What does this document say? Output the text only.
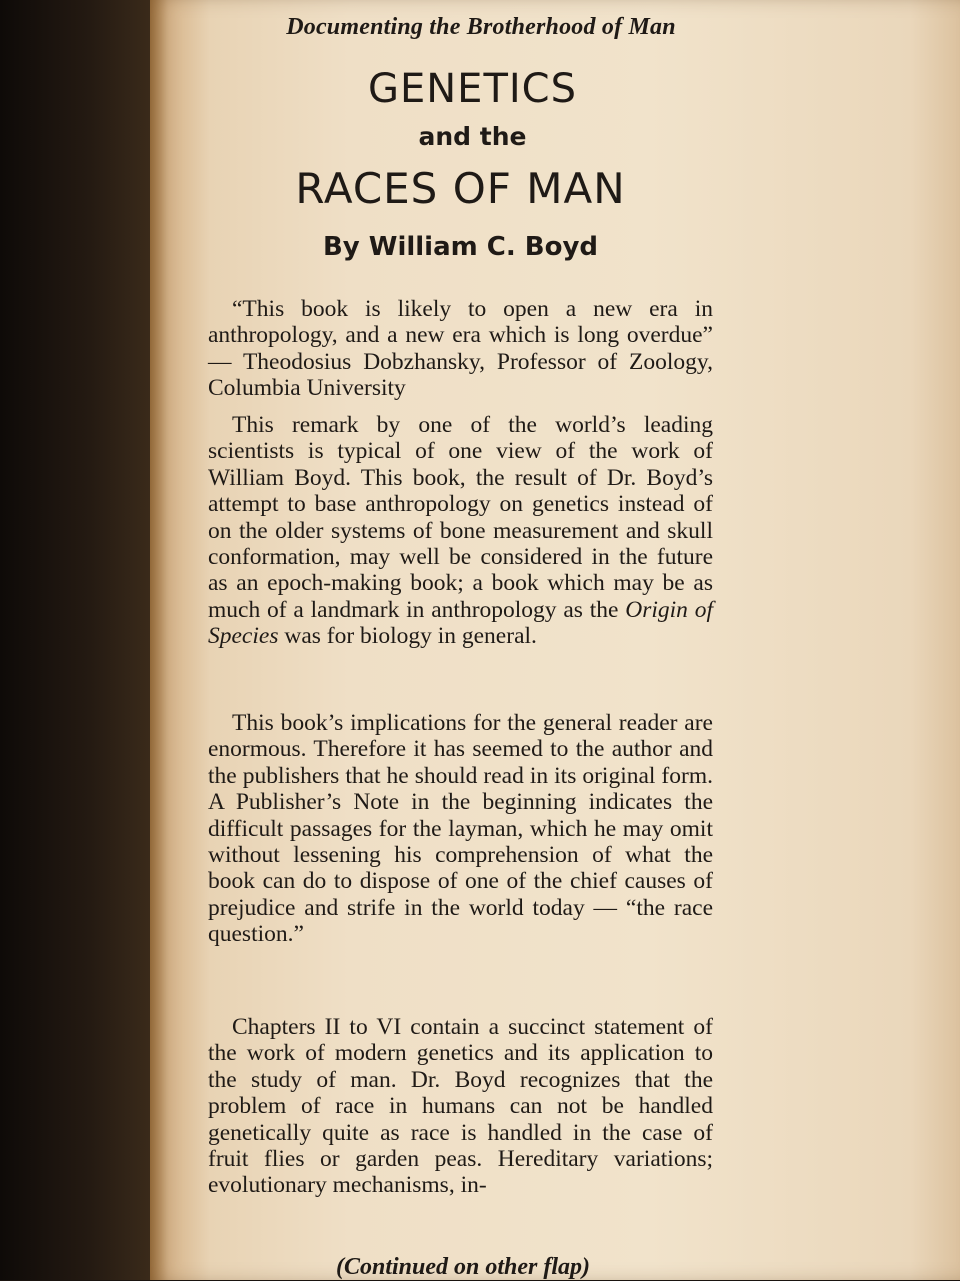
Documenting the Brotherhood of Man
GENETICS
and the
RACES OF MAN
By William C. Boyd

“This book is likely to open a new era in anthropology, and a new era which is long overdue” — Theodosius Dobzhansky, Professor of Zoology, Columbia University

This remark by one of the world’s leading scientists is typical of one view of the work of William Boyd. This book, the result of Dr. Boyd’s attempt to base anthropology on genetics instead of on the older systems of bone measurement and skull conformation, may well be considered in the future as an epoch-making book; a book which may be as much of a landmark in anthropology as the Origin of Species was for biology in general.

This book’s implications for the general reader are enormous. Therefore it has seemed to the author and the publishers that he should read in its original form. A Publisher’s Note in the beginning indicates the difficult passages for the layman, which he may omit without lessening his comprehension of what the book can do to dispose of one of the chief causes of prejudice and strife in the world today — “the race question.”

Chapters II to VI contain a succinct statement of the work of modern genetics and its application to the study of man. Dr. Boyd recognizes that the problem of race in humans can not be handled genetically quite as race is handled in the case of fruit flies or garden peas. Hereditary variations; evolutionary mechanisms, in-

(Continued on other flap)
